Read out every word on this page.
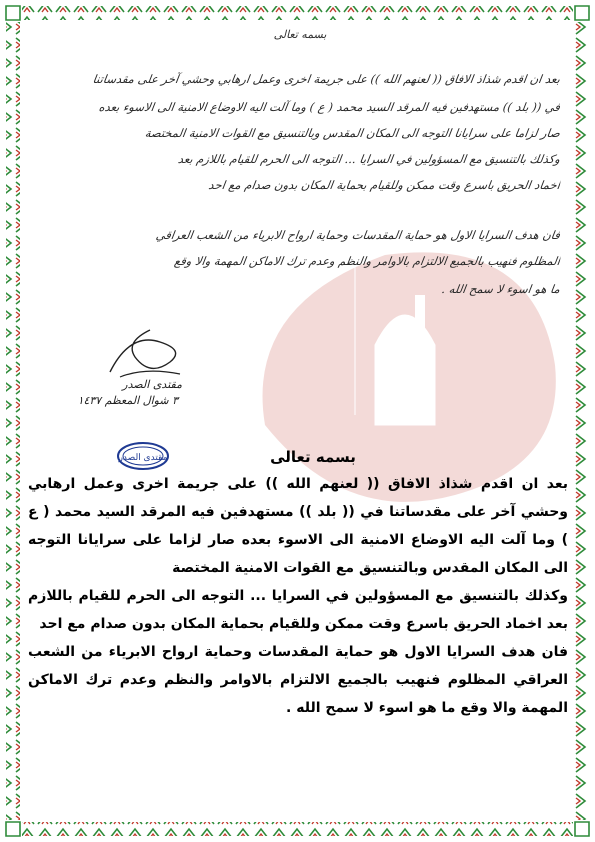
جامع الائمة
بسمه تعالى
بعد ان اقدم شذاذ الافاق (( لعنهم الله )) على جريمة اخرى وعمل ارهابي وحشي آخر على مقدساتنا
في (( بلد )) مستهدفين فيه المرقد السيد محمد ( ع ) وما آلت اليه الاوضاع الامنية الى الاسوء بعده
صار لزاما على سرايانا التوجه الى المكان المقدس وبالتنسيق مع القوات الامنية المختصة
وكذلك بالتنسيق مع المسؤولين في السرايا ... التوجه الى الحرم للقيام باللازم بعد
اخماد الحريق باسرع وقت ممكن وللقيام بحماية المكان بدون صدام مع احد
فان هدف السرايا الاول هو حماية المقدسات وحماية ارواح الابرياء من الشعب العراقي
المظلوم فنهيب بالجميع الالتزام بالاوامر والنظم وعدم ترك الاماكن المهمة والا وقع
ما هو اسوء لا سمح الله .
مقتدى الصدر
٣ شوال المعظم ١٤٣٧
مقتدى الصدر	بسمه تعالى

بعد ان اقدم شذاذ الافاق (( لعنهم الله )) على جريمة اخرى وعمل ارهابي وحشي آخر على مقدساتنا في (( بلد )) مستهدفين فيه المرقد السيد محمد ( ع ) وما آلت اليه الاوضاع الامنية الى الاسوء بعده صار لزاما على سرايانا التوجه الى المكان المقدس وبالتنسيق مع القوات الامنية المختصة

وكذلك بالتنسيق مع المسؤولين في السرايا ... التوجه الى الحرم للقيام باللازم بعد اخماد الحريق باسرع وقت ممكن وللقيام بحماية المكان بدون صدام مع احد

فان هدف السرايا الاول هو حماية المقدسات وحماية ارواح الابرياء من الشعب العراقي المظلوم فنهيب بالجميع الالتزام بالاوامر والنظم وعدم ترك الاماكن المهمة والا وقع ما هو اسوء لا سمح الله .
